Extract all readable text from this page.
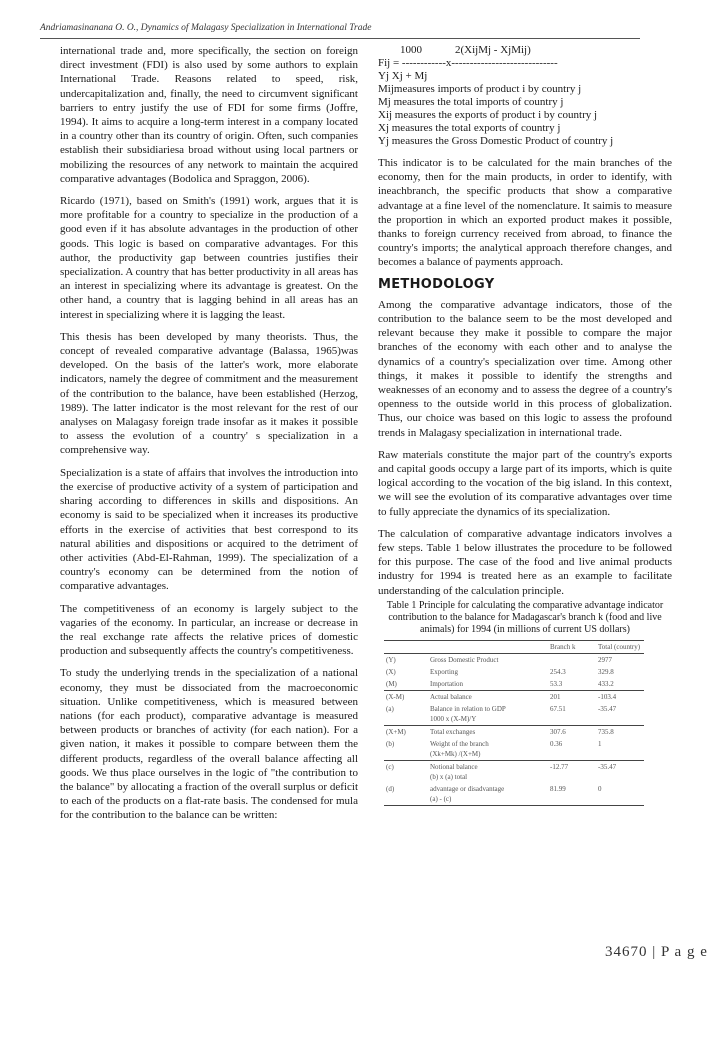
Andriamasinanana O. O., Dynamics of Malagasy Specialization in International Trade

international trade and, more specifically, the section on foreign direct investment (FDI) is also used by some authors to explain International Trade. Reasons related to speed, risk, undercapitalization and, finally, the need to circumvent significant barriers to entry justify the use of FDI for some firms (Joffre, 1994). It aims to acquire a long-term interest in a company located in a country other than its country of origin. Often, such companies establish their subsidiariesa broad without using local partners or mobilizing the resources of any network to maintain the acquired comparative advantages (Bodolica and Spraggon, 2006).

Ricardo (1971), based on Smith's (1991) work, argues that it is more profitable for a country to specialize in the production of a good even if it has absolute advantages in the production of other goods. This logic is based on comparative advantages. For this author, the productivity gap between countries justifies their specialization. A country that has better productivity in all areas has an interest in specializing where its advantage is greatest. On the other hand, a country that is lagging behind in all areas has an interest in specializing where it is lagging the least.

This thesis has been developed by many theorists. Thus, the concept of revealed comparative advantage (Balassa, 1965)was developed. On the basis of the latter's work, more elaborate indicators, namely the degree of commitment and the measurement of the contribution to the balance, have been established (Herzog, 1989). The latter indicator is the most relevant for the rest of our analyses on Malagasy foreign trade insofar as it makes it possible to assess the evolution of a country' s specialization in a comprehensive way.

Specialization is a state of affairs that involves the introduction into the exercise of productive activity of a system of participation and sharing according to differences in skills and dispositions. An economy is said to be specialized when it increases its productive efforts in the exercise of activities that best correspond to its natural abilities and dispositions or acquired to the detriment of other activities (Abd-El-Rahman, 1999). The specialization of a country's economy can be determined from the notion of comparative advantages.

The competitiveness of an economy is largely subject to the vagaries of the economy. In particular, an increase or decrease in the real exchange rate affects the relative prices of domestic production and subsequently affects the country's competitiveness.

To study the underlying trends in the specialization of a national economy, they must be dissociated from the macroeconomic situation. Unlike competitiveness, which is measured between nations (for each product), comparative advantage is measured between products or branches of activity (for each nation). For a given nation, it makes it possible to compare between them the different products, regardless of the overall balance affecting all goods. We thus place ourselves in the logic of "the contribution to the balance" by allocating a fraction of the overall surplus or deficit to each of the products on a flat-rate basis. The condensed for mula for the contribution to the balance can be written:

1000            2(XijMj - XjMij)
Fij = ------------x-----------------------------
Yj Xj + Mj
Mijmeasures imports of product i by country j
Mj measures the total imports of country j
Xij measures the exports of product i by country j
Xj measures the total exports of country j
Yj measures the Gross Domestic Product of country j

This indicator is to be calculated for the main branches of the economy, then for the main products, in order to identify, with ineachbranch, the specific products that show a comparative advantage at a fine level of the nomenclature. It saimis to measure the proportion in which an exported product makes it possible, thanks to foreign currency received from abroad, to finance the country's imports; the analytical approach therefore changes, and becomes a balance of payments approach.

METHODOLOGY

Among the comparative advantage indicators, those of the contribution to the balance seem to be the most developed and relevant because they make it possible to compare the major branches of the economy with each other and to analyse the dynamics of a country's specialization over time. Among other things, it makes it possible to identify the strengths and weaknesses of an economy and to assess the degree of a country's openness to the outside world in this process of globalization. Thus, our choice was based on this logic to assess the profound trends in Malagasy specialization in international trade.

Raw materials constitute the major part of the country's exports and capital goods occupy a large part of its imports, which is quite logical according to the vocation of the big island. In this context, we will see the evolution of its comparative advantages over time to fully appreciate the dynamics of its specialization.

The calculation of comparative advantage indicators involves a few steps. Table 1 below illustrates the procedure to be followed for this purpose. The case of the food and live animal products industry for 1994 is treated here as an example to facilitate understanding of the calculation principle.

Table 1 Principle for calculating the comparative advantage indicator contribution to the balance for Madagascar's branch k (food and live animals) for 1994 (in millions of current US dollars)
		Branch k	Total (country)
(Y)	Gross Domestic Product		2977
(X)	Exporting	254.3	329.8
(M)	Importation	53.3	433.2
(X-M)	Actual balance	201	-103.4
(a)	Balance in relation to GDP
1000 x (X-M)/Y	67.51	-35.47
(X+M)	Total exchanges	307.6	735.8
(b)	Weight of the branch
(Xk+Mk) /(X+M)	0.36	1
(c)	Notional balance
(b) x (a) total	-12.77	-35.47
(d)	advantage or disadvantage
(a) - (c)	81.99	0
34670 | P a g e
